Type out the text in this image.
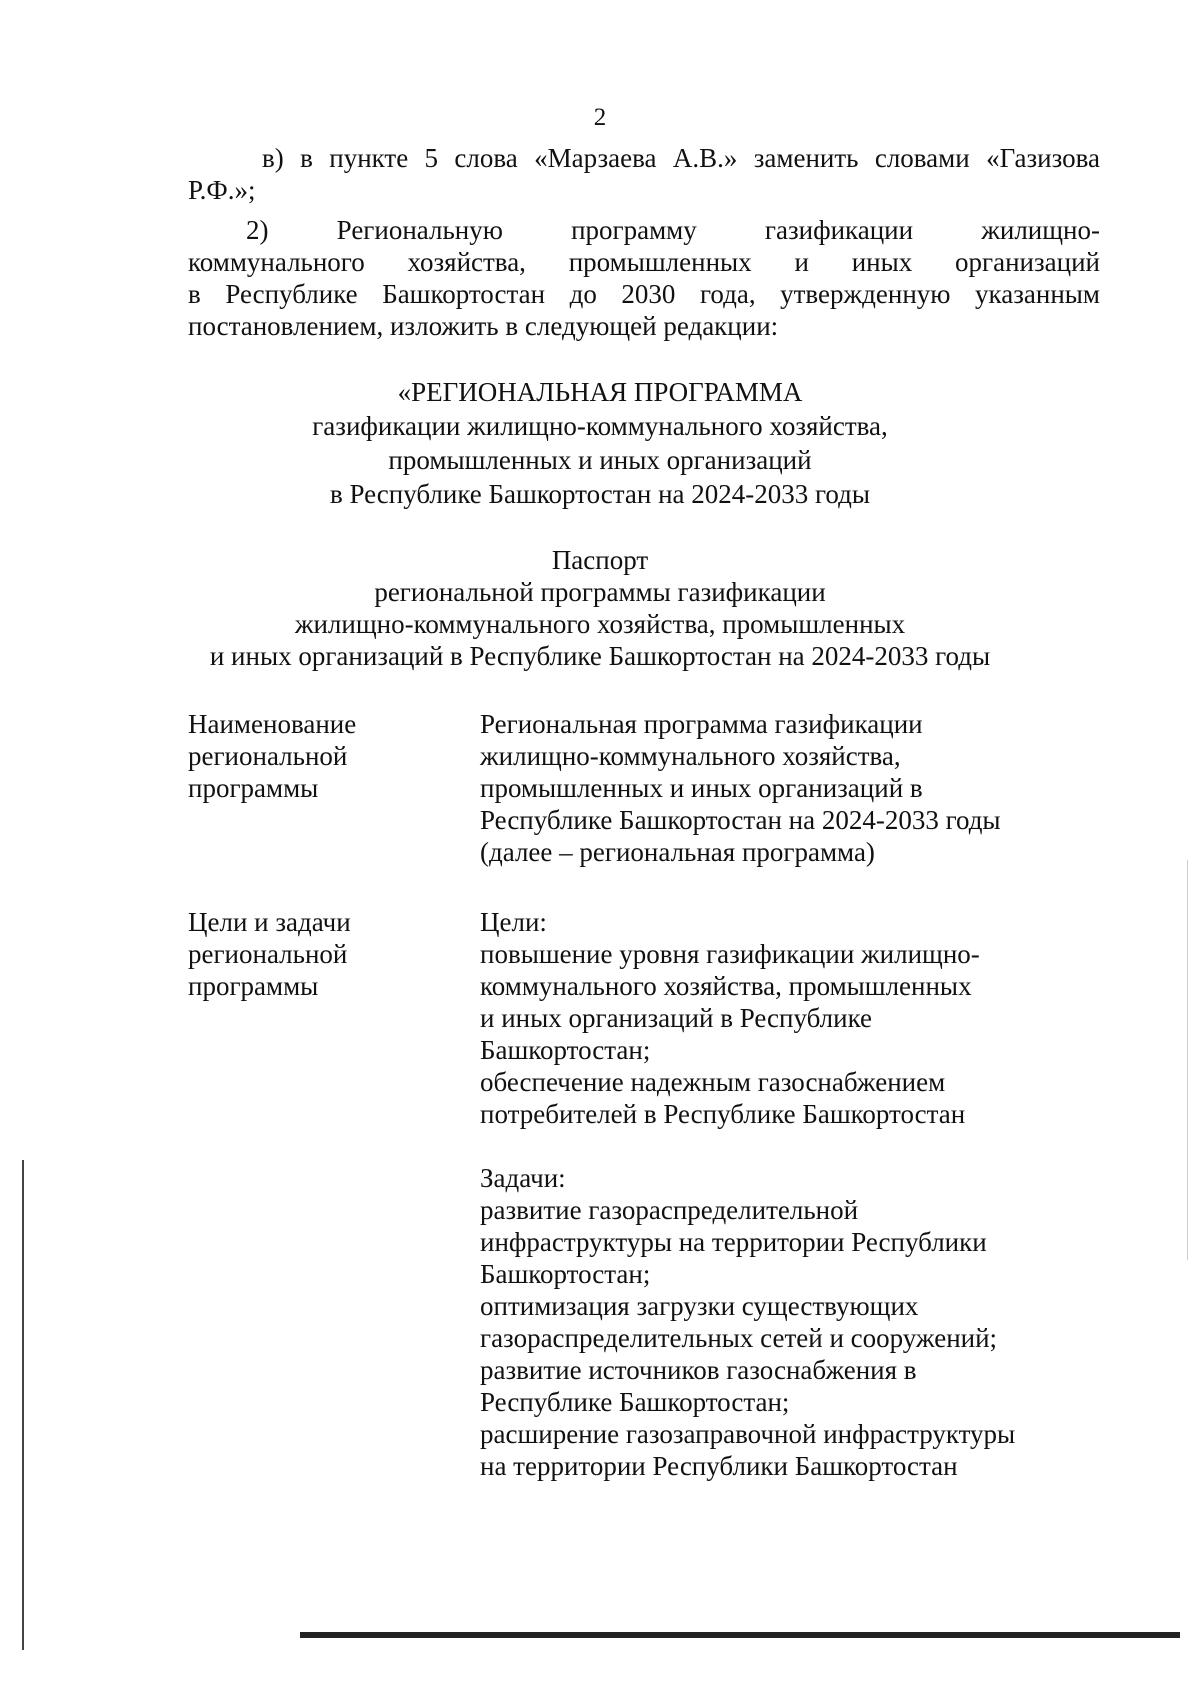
2
в) в пункте 5 слова «Марзаева А.В.» заменить словами «Газизова
Р.Ф.»;
2) Региональную программу газификации жилищно-
коммунального хозяйства, промышленных и иных организаций
в Республике Башкортостан до 2030 года, утвержденную указанным
постановлением, изложить в следующей редакции:
«РЕГИОНАЛЬНАЯ ПРОГРАММА
газификации жилищно-коммунального хозяйства,
промышленных и иных организаций
в Республике Башкортостан на 2024-2033 годы
Паспорт
региональной программы газификации
жилищно-коммунального хозяйства, промышленных
и иных организаций в Республике Башкортостан на 2024-2033 годы
Наименование
региональной
программы
Региональная программа газификации
жилищно-коммунального хозяйства,
промышленных и иных организаций в
Республике Башкортостан на 2024-2033 годы
(далее – региональная программа)
Цели и задачи
региональной
программы
Цели:
повышение уровня газификации жилищно-
коммунального хозяйства, промышленных
и иных организаций в Республике
Башкортостан;
обеспечение надежным газоснабжением
потребителей в Республике Башкортостан
Задачи:
развитие газораспределительной
инфраструктуры на территории Республики
Башкортостан;
оптимизация загрузки существующих
газораспределительных сетей и сооружений;
развитие источников газоснабжения в
Республике Башкортостан;
расширение газозаправочной инфраструктуры
на территории Республики Башкортостан
